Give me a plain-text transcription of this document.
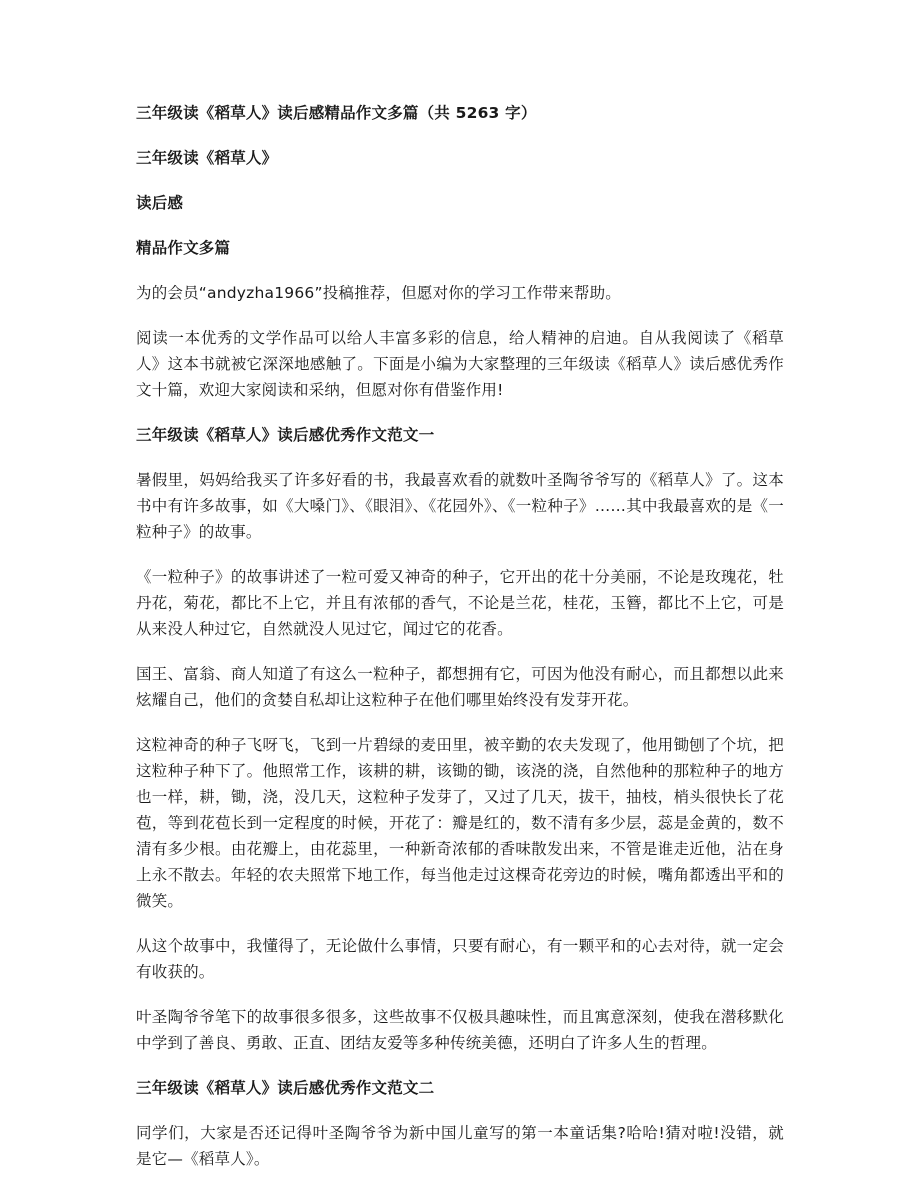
三年级读《稻草人》读后感精品作文多篇（共 5263 字）

三年级读《稻草人》

读后感

精品作文多篇

为的会员“andyzha1966”投稿推荐，但愿对你的学习工作带来帮助。

阅读一本优秀的文学作品可以给人丰富多彩的信息，给人精神的启迪。自从我阅读了《稻草人》这本书就被它深深地感触了。下面是小编为大家整理的三年级读《稻草人》读后感优秀作文十篇，欢迎大家阅读和采纳，但愿对你有借鉴作用!

三年级读《稻草人》读后感优秀作文范文一

暑假里，妈妈给我买了许多好看的书，我最喜欢看的就数叶圣陶爷爷写的《稻草人》了。这本书中有许多故事，如《大嗓门》、《眼泪》、《花园外》、《一粒种子》……其中我最喜欢的是《一粒种子》的故事。

《一粒种子》的故事讲述了一粒可爱又神奇的种子，它开出的花十分美丽，不论是玫瑰花，牡丹花，菊花，都比不上它，并且有浓郁的香气，不论是兰花，桂花，玉簪，都比不上它，可是从来没人种过它，自然就没人见过它，闻过它的花香。

国王、富翁、商人知道了有这么一粒种子，都想拥有它，可因为他没有耐心，而且都想以此来炫耀自己，他们的贪婪自私却让这粒种子在他们哪里始终没有发芽开花。

这粒神奇的种子飞呀飞，飞到一片碧绿的麦田里，被辛勤的农夫发现了，他用锄刨了个坑，把这粒种子种下了。他照常工作，该耕的耕，该锄的锄，该浇的浇，自然他种的那粒种子的地方也一样，耕，锄，浇，没几天，这粒种子发芽了，又过了几天，拔干，抽枝，梢头很快长了花苞，等到花苞长到一定程度的时候，开花了：瓣是红的，数不清有多少层，蕊是金黄的，数不清有多少根。由花瓣上，由花蕊里，一种新奇浓郁的香味散发出来，不管是谁走近他，沾在身上永不散去。年轻的农夫照常下地工作，每当他走过这棵奇花旁边的时候，嘴角都透出平和的微笑。

从这个故事中，我懂得了，无论做什么事情，只要有耐心，有一颗平和的心去对待，就一定会有收获的。

叶圣陶爷爷笔下的故事很多很多，这些故事不仅极具趣味性，而且寓意深刻，使我在潜移默化中学到了善良、勇敢、正直、团结友爱等多种传统美德，还明白了许多人生的哲理。

三年级读《稻草人》读后感优秀作文范文二

同学们，大家是否还记得叶圣陶爷爷为新中国儿童写的第一本童话集?哈哈!猜对啦!没错，就是它—《稻草人》。
